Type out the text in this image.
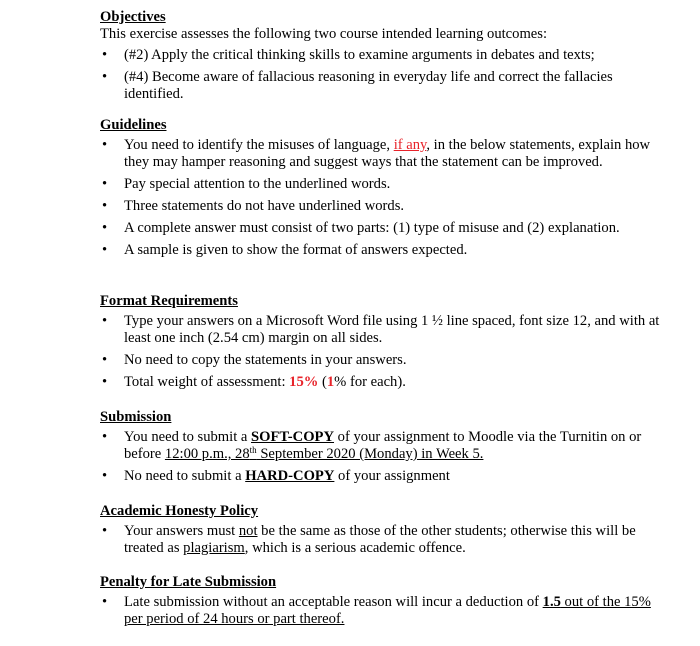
Objectives

This exercise assesses the following two course intended learning outcomes:

• (#2) Apply the critical thinking skills to examine arguments in debates and texts;
• (#4) Become aware of fallacious reasoning in everyday life and correct the fallacies identified.

Guidelines

• You need to identify the misuses of language, if any, in the below statements, explain how they may hamper reasoning and suggest ways that the statement can be improved.
• Pay special attention to the underlined words.
• Three statements do not have underlined words.
• A complete answer must consist of two parts: (1) type of misuse and (2) explanation.
• A sample is given to show the format of answers expected.

Format Requirements

• Type your answers on a Microsoft Word file using 1 ½ line spaced, font size 12, and with at least one inch (2.54 cm) margin on all sides.
• No need to copy the statements in your answers.
• Total weight of assessment: 15% (1% for each).

Submission

• You need to submit a SOFT-COPY of your assignment to Moodle via the Turnitin on or before 12:00 p.m., 28th September 2020 (Monday) in Week 5.
• No need to submit a HARD-COPY of your assignment

Academic Honesty Policy

• Your answers must not be the same as those of the other students; otherwise this will be treated as plagiarism, which is a serious academic offence.

Penalty for Late Submission

• Late submission without an acceptable reason will incur a deduction of 1.5 out of the 15% per period of 24 hours or part thereof.
